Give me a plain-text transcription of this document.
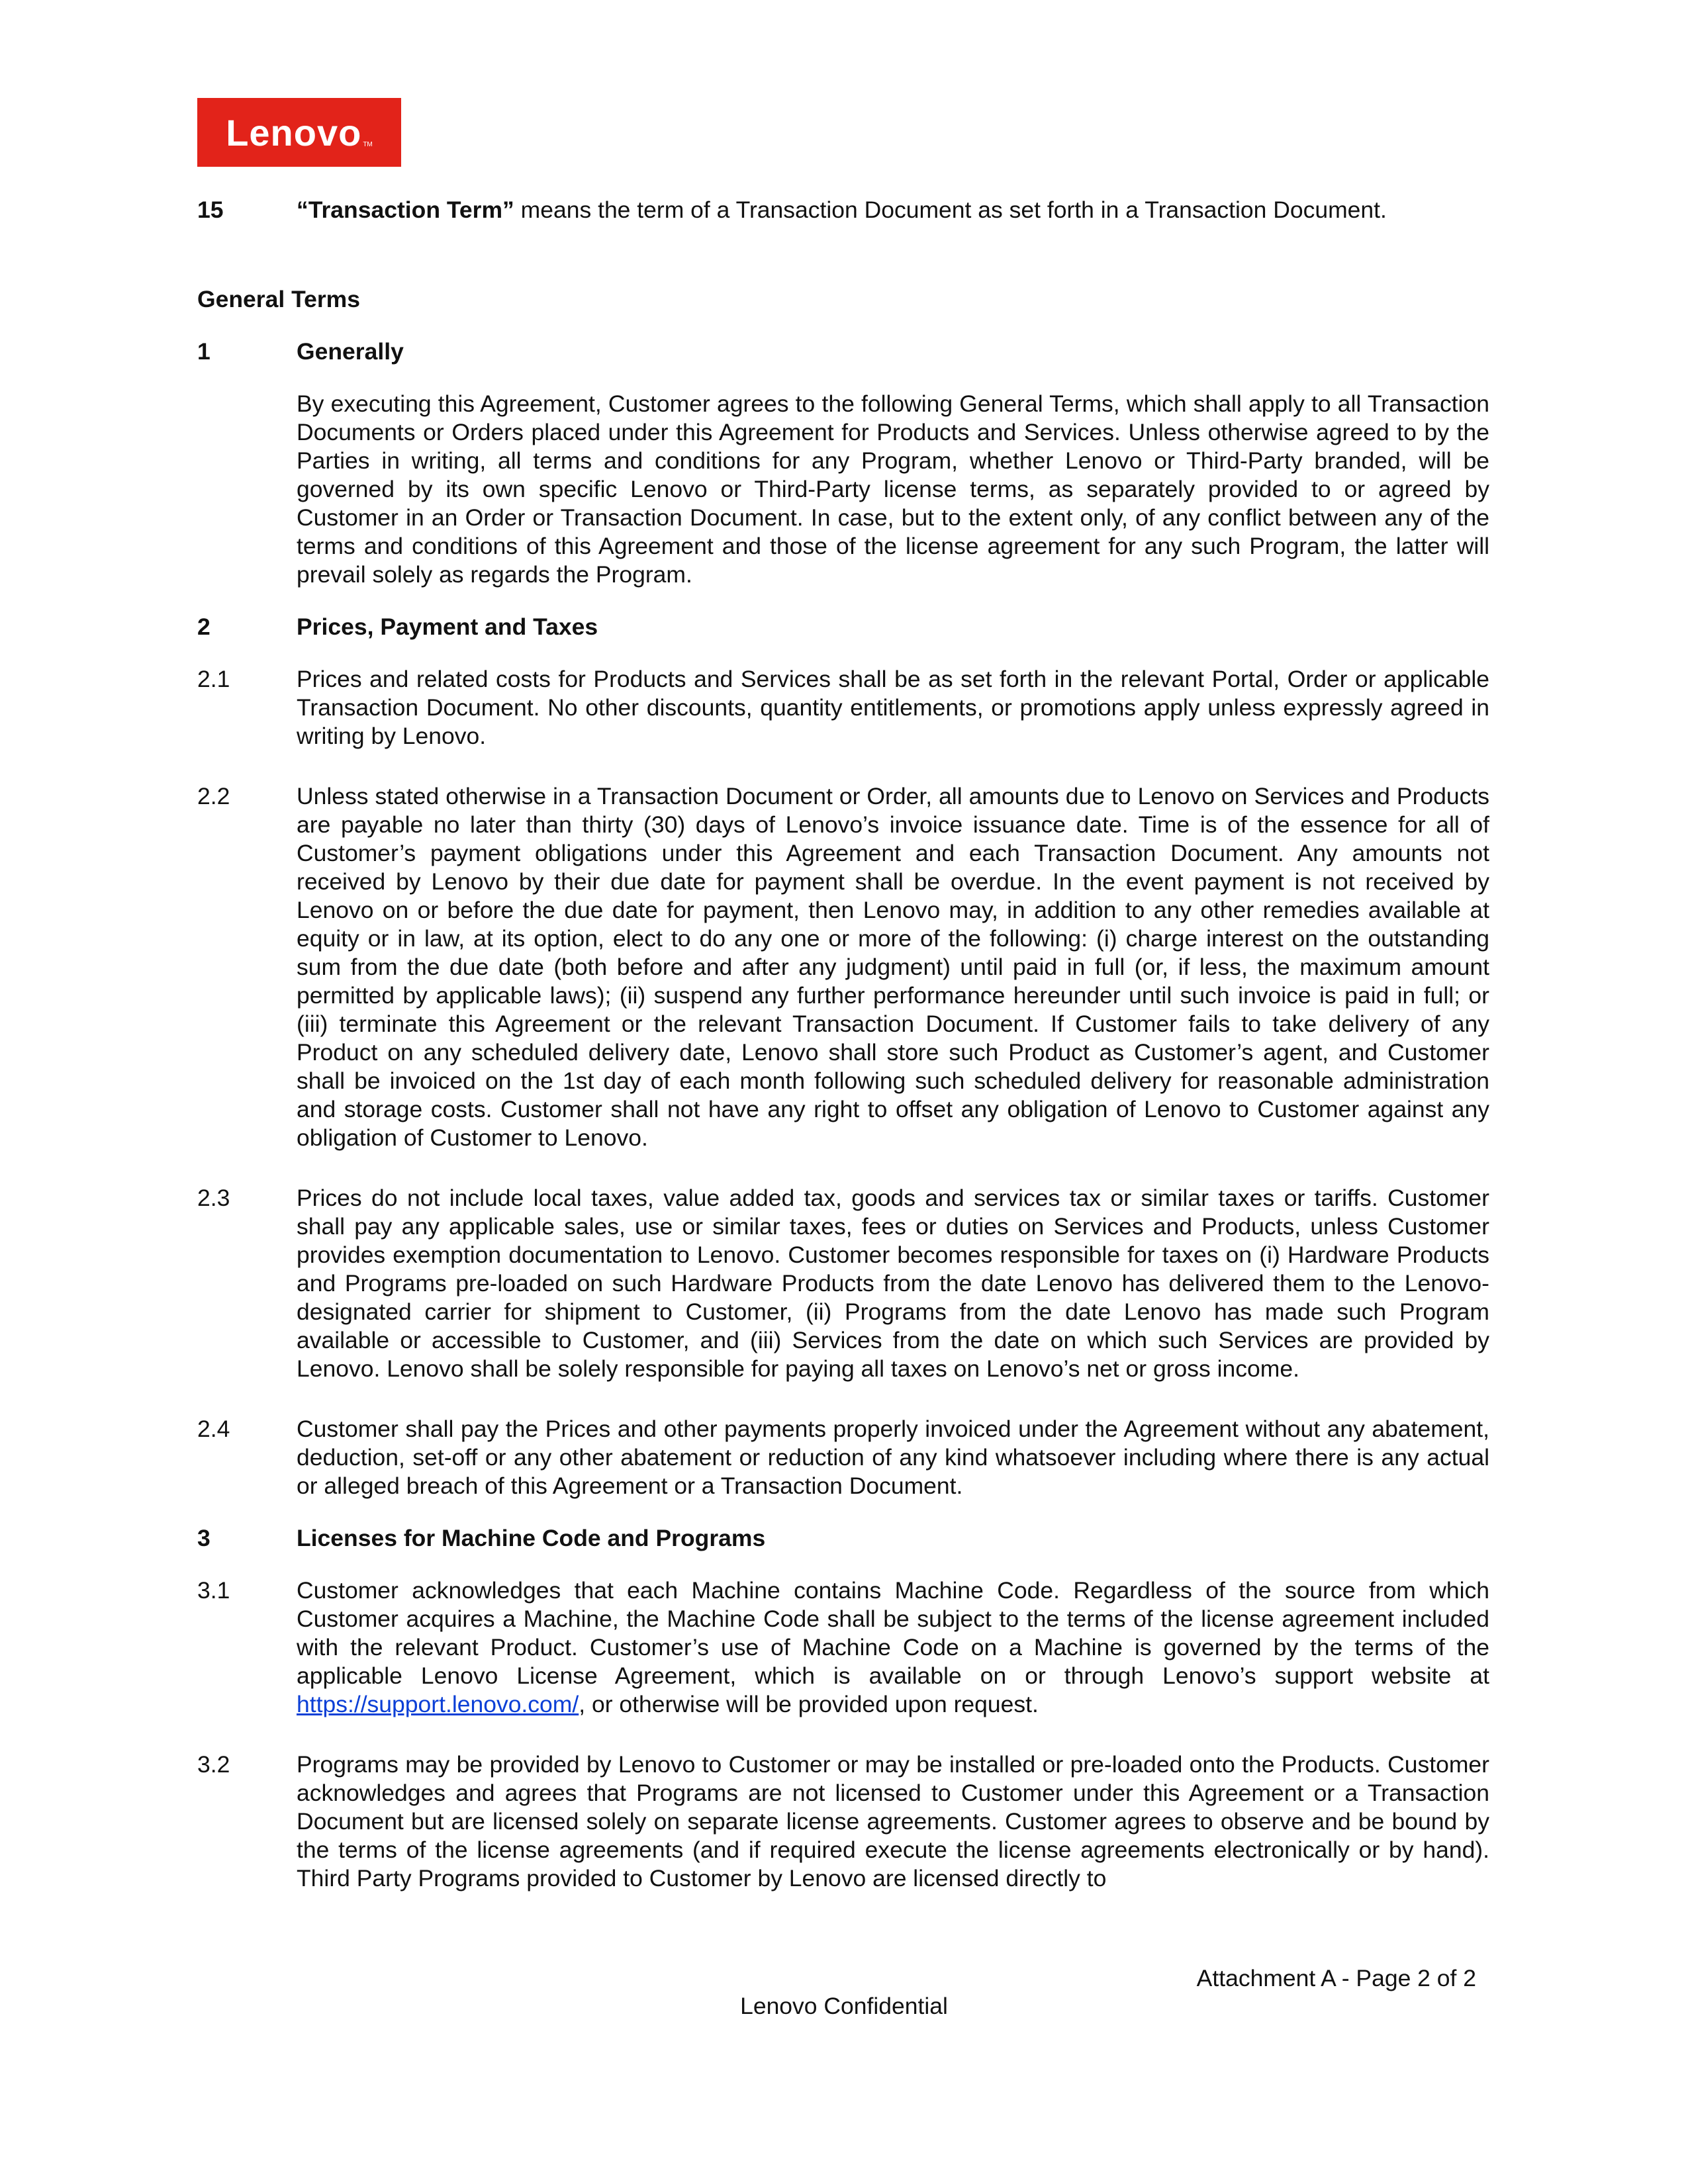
Lenovo TM
15	“Transaction Term” means the term of a Transaction Document as set forth in a Transaction Document.
General Terms
1	Generally
By executing this Agreement, Customer agrees to the following General Terms, which shall apply to all Transaction Documents or Orders placed under this Agreement for Products and Services. Unless otherwise agreed to by the Parties in writing, all terms and conditions for any Program, whether Lenovo or Third-Party branded, will be governed by its own specific Lenovo or Third-Party license terms, as separately provided to or agreed by Customer in an Order or Transaction Document. In case, but to the extent only, of any conflict between any of the terms and conditions of this Agreement and those of the license agreement for any such Program, the latter will prevail solely as regards the Program.
2	Prices, Payment and Taxes
2.1	Prices and related costs for Products and Services shall be as set forth in the relevant Portal, Order or applicable Transaction Document. No other discounts, quantity entitlements, or promotions apply unless expressly agreed in writing by Lenovo.
2.2	Unless stated otherwise in a Transaction Document or Order, all amounts due to Lenovo on Services and Products are payable no later than thirty (30) days of Lenovo’s invoice issuance date. Time is of the essence for all of Customer’s payment obligations under this Agreement and each Transaction Document. Any amounts not received by Lenovo by their due date for payment shall be overdue. In the event payment is not received by Lenovo on or before the due date for payment, then Lenovo may, in addition to any other remedies available at equity or in law, at its option, elect to do any one or more of the following: (i) charge interest on the outstanding sum from the due date (both before and after any judgment) until paid in full (or, if less, the maximum amount permitted by applicable laws); (ii) suspend any further performance hereunder until such invoice is paid in full; or (iii) terminate this Agreement or the relevant Transaction Document. If Customer fails to take delivery of any Product on any scheduled delivery date, Lenovo shall store such Product as Customer’s agent, and Customer shall be invoiced on the 1st day of each month following such scheduled delivery for reasonable administration and storage costs. Customer shall not have any right to offset any obligation of Lenovo to Customer against any obligation of Customer to Lenovo.
2.3	Prices do not include local taxes, value added tax, goods and services tax or similar taxes or tariffs. Customer shall pay any applicable sales, use or similar taxes, fees or duties on Services and Products, unless Customer provides exemption documentation to Lenovo. Customer becomes responsible for taxes on (i) Hardware Products and Programs pre-loaded on such Hardware Products from the date Lenovo has delivered them to the Lenovo-designated carrier for shipment to Customer, (ii) Programs from the date Lenovo has made such Program available or accessible to Customer, and (iii) Services from the date on which such Services are provided by Lenovo. Lenovo shall be solely responsible for paying all taxes on Lenovo’s net or gross income.
2.4	Customer shall pay the Prices and other payments properly invoiced under the Agreement without any abatement, deduction, set-off or any other abatement or reduction of any kind whatsoever including where there is any actual or alleged breach of this Agreement or a Transaction Document.
3	Licenses for Machine Code and Programs
3.1	Customer acknowledges that each Machine contains Machine Code. Regardless of the source from which Customer acquires a Machine, the Machine Code shall be subject to the terms of the license agreement included with the relevant Product. Customer’s use of Machine Code on a Machine is governed by the terms of the applicable Lenovo License Agreement, which is available on or through Lenovo’s support website at https://support.lenovo.com/, or otherwise will be provided upon request.
3.2	Programs may be provided by Lenovo to Customer or may be installed or pre-loaded onto the Products. Customer acknowledges and agrees that Programs are not licensed to Customer under this Agreement or a Transaction Document but are licensed solely on separate license agreements. Customer agrees to observe and be bound by the terms of the license agreements (and if required execute the license agreements electronically or by hand). Third Party Programs provided to Customer by Lenovo are licensed directly to
Attachment A - Page 2 of 2
Lenovo Confidential
